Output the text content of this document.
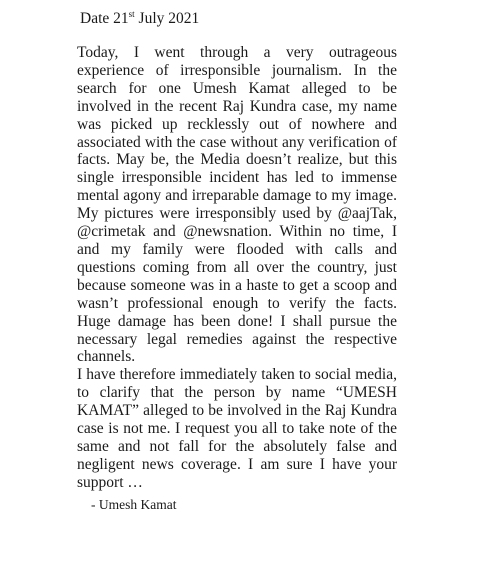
Date 21st July 2021

Today, I went through a very outrageous experience of irresponsible journalism. In the search for one Umesh Kamat alleged to be involved in the recent Raj Kundra case, my name was picked up recklessly out of nowhere and associated with the case without any verification of facts. May be, the Media doesn’t realize, but this single irresponsible incident has led to immense mental agony and irreparable damage to my image. My pictures were irresponsibly used by @aajTak, @crimetak and @newsnation. Within no time, I and my family were flooded with calls and questions coming from all over the country, just because someone was in a haste to get a scoop and wasn’t professional enough to verify the facts. Huge damage has been done! I shall pursue the necessary legal remedies against the respective channels.

I have therefore immediately taken to social media, to clarify that the person by name “UMESH KAMAT” alleged to be involved in the Raj Kundra case is not me. I request you all to take note of the same and not fall for the absolutely false and negligent news coverage. I am sure I have your support …

- Umesh Kamat
